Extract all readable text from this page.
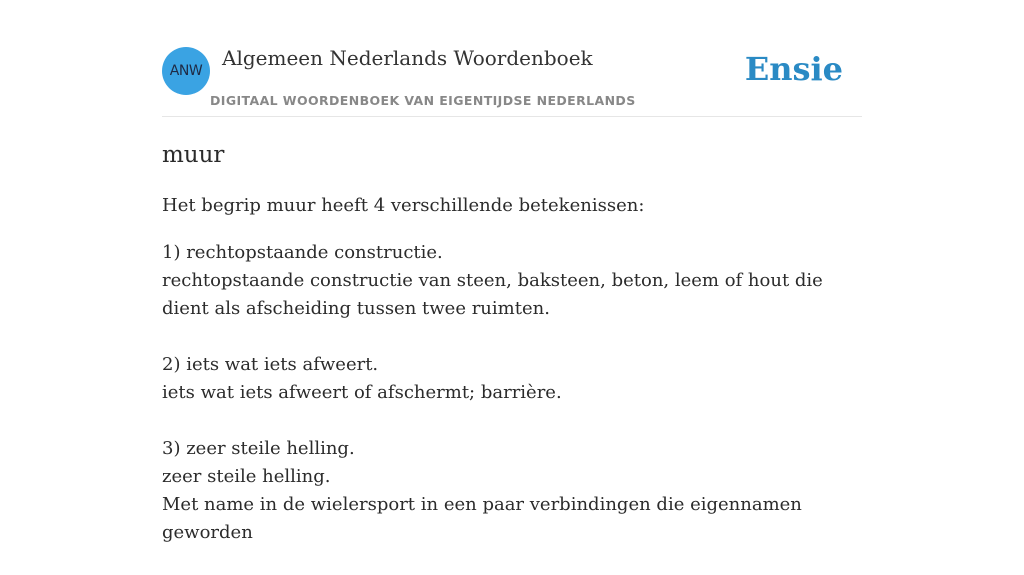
ANW
Algemeen Nederlands Woordenboek
DIGITAAL WOORDENBOEK VAN EIGENTIJDSE NEDERLANDS
Ensie
muur

Het begrip muur heeft 4 verschillende betekenissen:

1) rechtopstaande constructie.
rechtopstaande constructie van steen, baksteen, beton, leem of hout die dient als afscheiding tussen twee ruimten.
2) iets wat iets afweert.
iets wat iets afweert of afschermt; barrière.
3) zeer steile helling.
zeer steile helling.
Met name in de wielersport in een paar verbindingen die eigennamen geworden
